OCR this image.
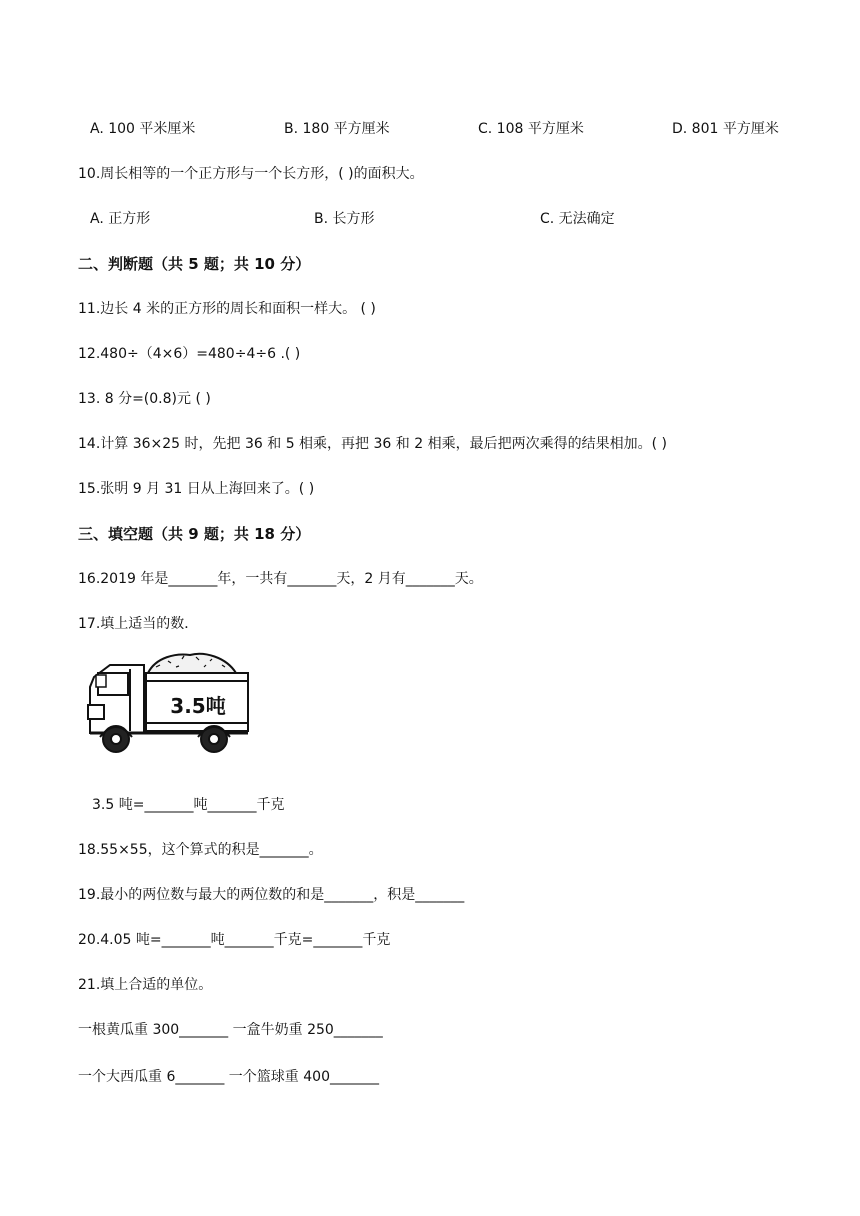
A. 100 平米厘米	B. 180 平方厘米	C. 108 平方厘米	D. 801 平方厘米
10.周长相等的一个正方形与一个长方形，( )的面积大。
A. 正方形	B. 长方形	C. 无法确定
二、判断题（共 5 题；共 10 分）
11.边长 4 米的正方形的周长和面积一样大。 ( )
12.480÷（4×6）=480÷4÷6 .( )
13. 8 分=(0.8)元 ( )
14.计算 36×25 时，先把 36 和 5 相乘，再把 36 和 2 相乘，最后把两次乘得的结果相加。( )
15.张明 9 月 31 日从上海回来了。( )
三、填空题（共 9 题；共 18 分）
16.2019 年是_______年，一共有_______天，2 月有_______天。
17.填上适当的数．
3.5吨
3.5 吨=_______吨_______千克
18.55×55，这个算式的积是_______。
19.最小的两位数与最大的两位数的和是_______，积是_______
20.4.05 吨=_______吨_______千克=_______千克
21.填上合适的单位。
一根黄瓜重 300_______ 一盒牛奶重 250_______
一个大西瓜重 6_______ 一个篮球重 400_______
